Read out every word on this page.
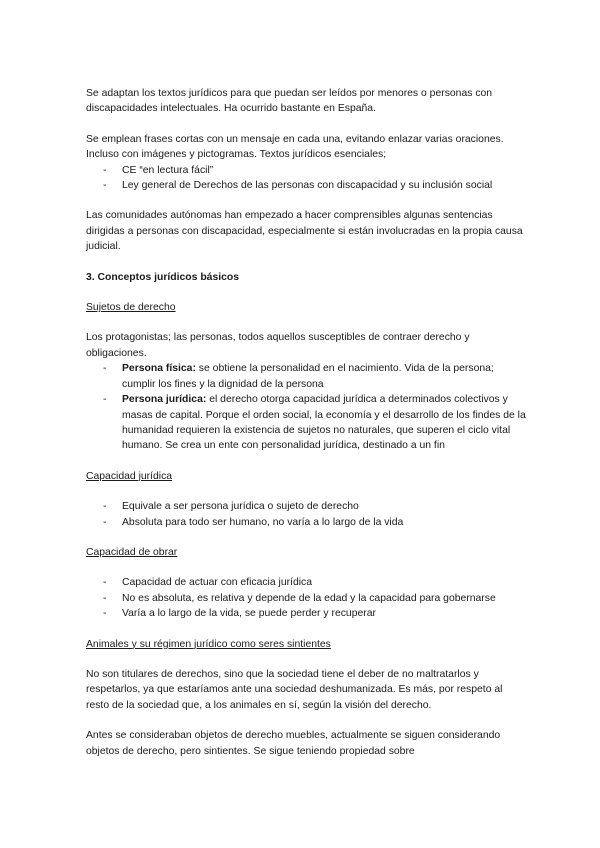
Se adaptan los textos jurídicos para que puedan ser leídos por menores o personas con discapacidades intelectuales. Ha ocurrido bastante en España.

Se emplean frases cortas con un mensaje en cada una, evitando enlazar varias oraciones. Incluso con imágenes y pictogramas. Textos jurídicos esenciales;

- CE “en lectura fácil”
- Ley general de Derechos de las personas con discapacidad y su inclusión social

Las comunidades autónomas han empezado a hacer comprensibles algunas sentencias dirigidas a personas con discapacidad, especialmente si están involucradas en la propia causa judicial.

3. Conceptos jurídicos básicos

Sujetos de derecho

Los protagonistas; las personas, todos aquellos susceptibles de contraer derecho y obligaciones.

- Persona física: se obtiene la personalidad en el nacimiento. Vida de la persona; cumplir los fines y la dignidad de la persona
- Persona jurídica: el derecho otorga capacidad jurídica a determinados colectivos y masas de capital. Porque el orden social, la economía y el desarrollo de los findes de la humanidad requieren la existencia de sujetos no naturales, que superen el ciclo vital humano. Se crea un ente con personalidad jurídica, destinado a un fin

Capacidad jurídica

- Equivale a ser persona jurídica o sujeto de derecho
- Absoluta para todo ser humano, no varía a lo largo de la vida

Capacidad de obrar

- Capacidad de actuar con eficacia jurídica
- No es absoluta, es relativa y depende de la edad y la capacidad para gobernarse
- Varía a lo largo de la vida, se puede perder y recuperar

Animales y su régimen jurídico como seres sintientes

No son titulares de derechos, sino que la sociedad tiene el deber de no maltratarlos y respetarlos, ya que estaríamos ante una sociedad deshumanizada. Es más, por respeto al resto de la sociedad que, a los animales en sí, según la visión del derecho.

Antes se consideraban objetos de derecho muebles, actualmente se siguen considerando objetos de derecho, pero sintientes. Se sigue teniendo propiedad sobre
